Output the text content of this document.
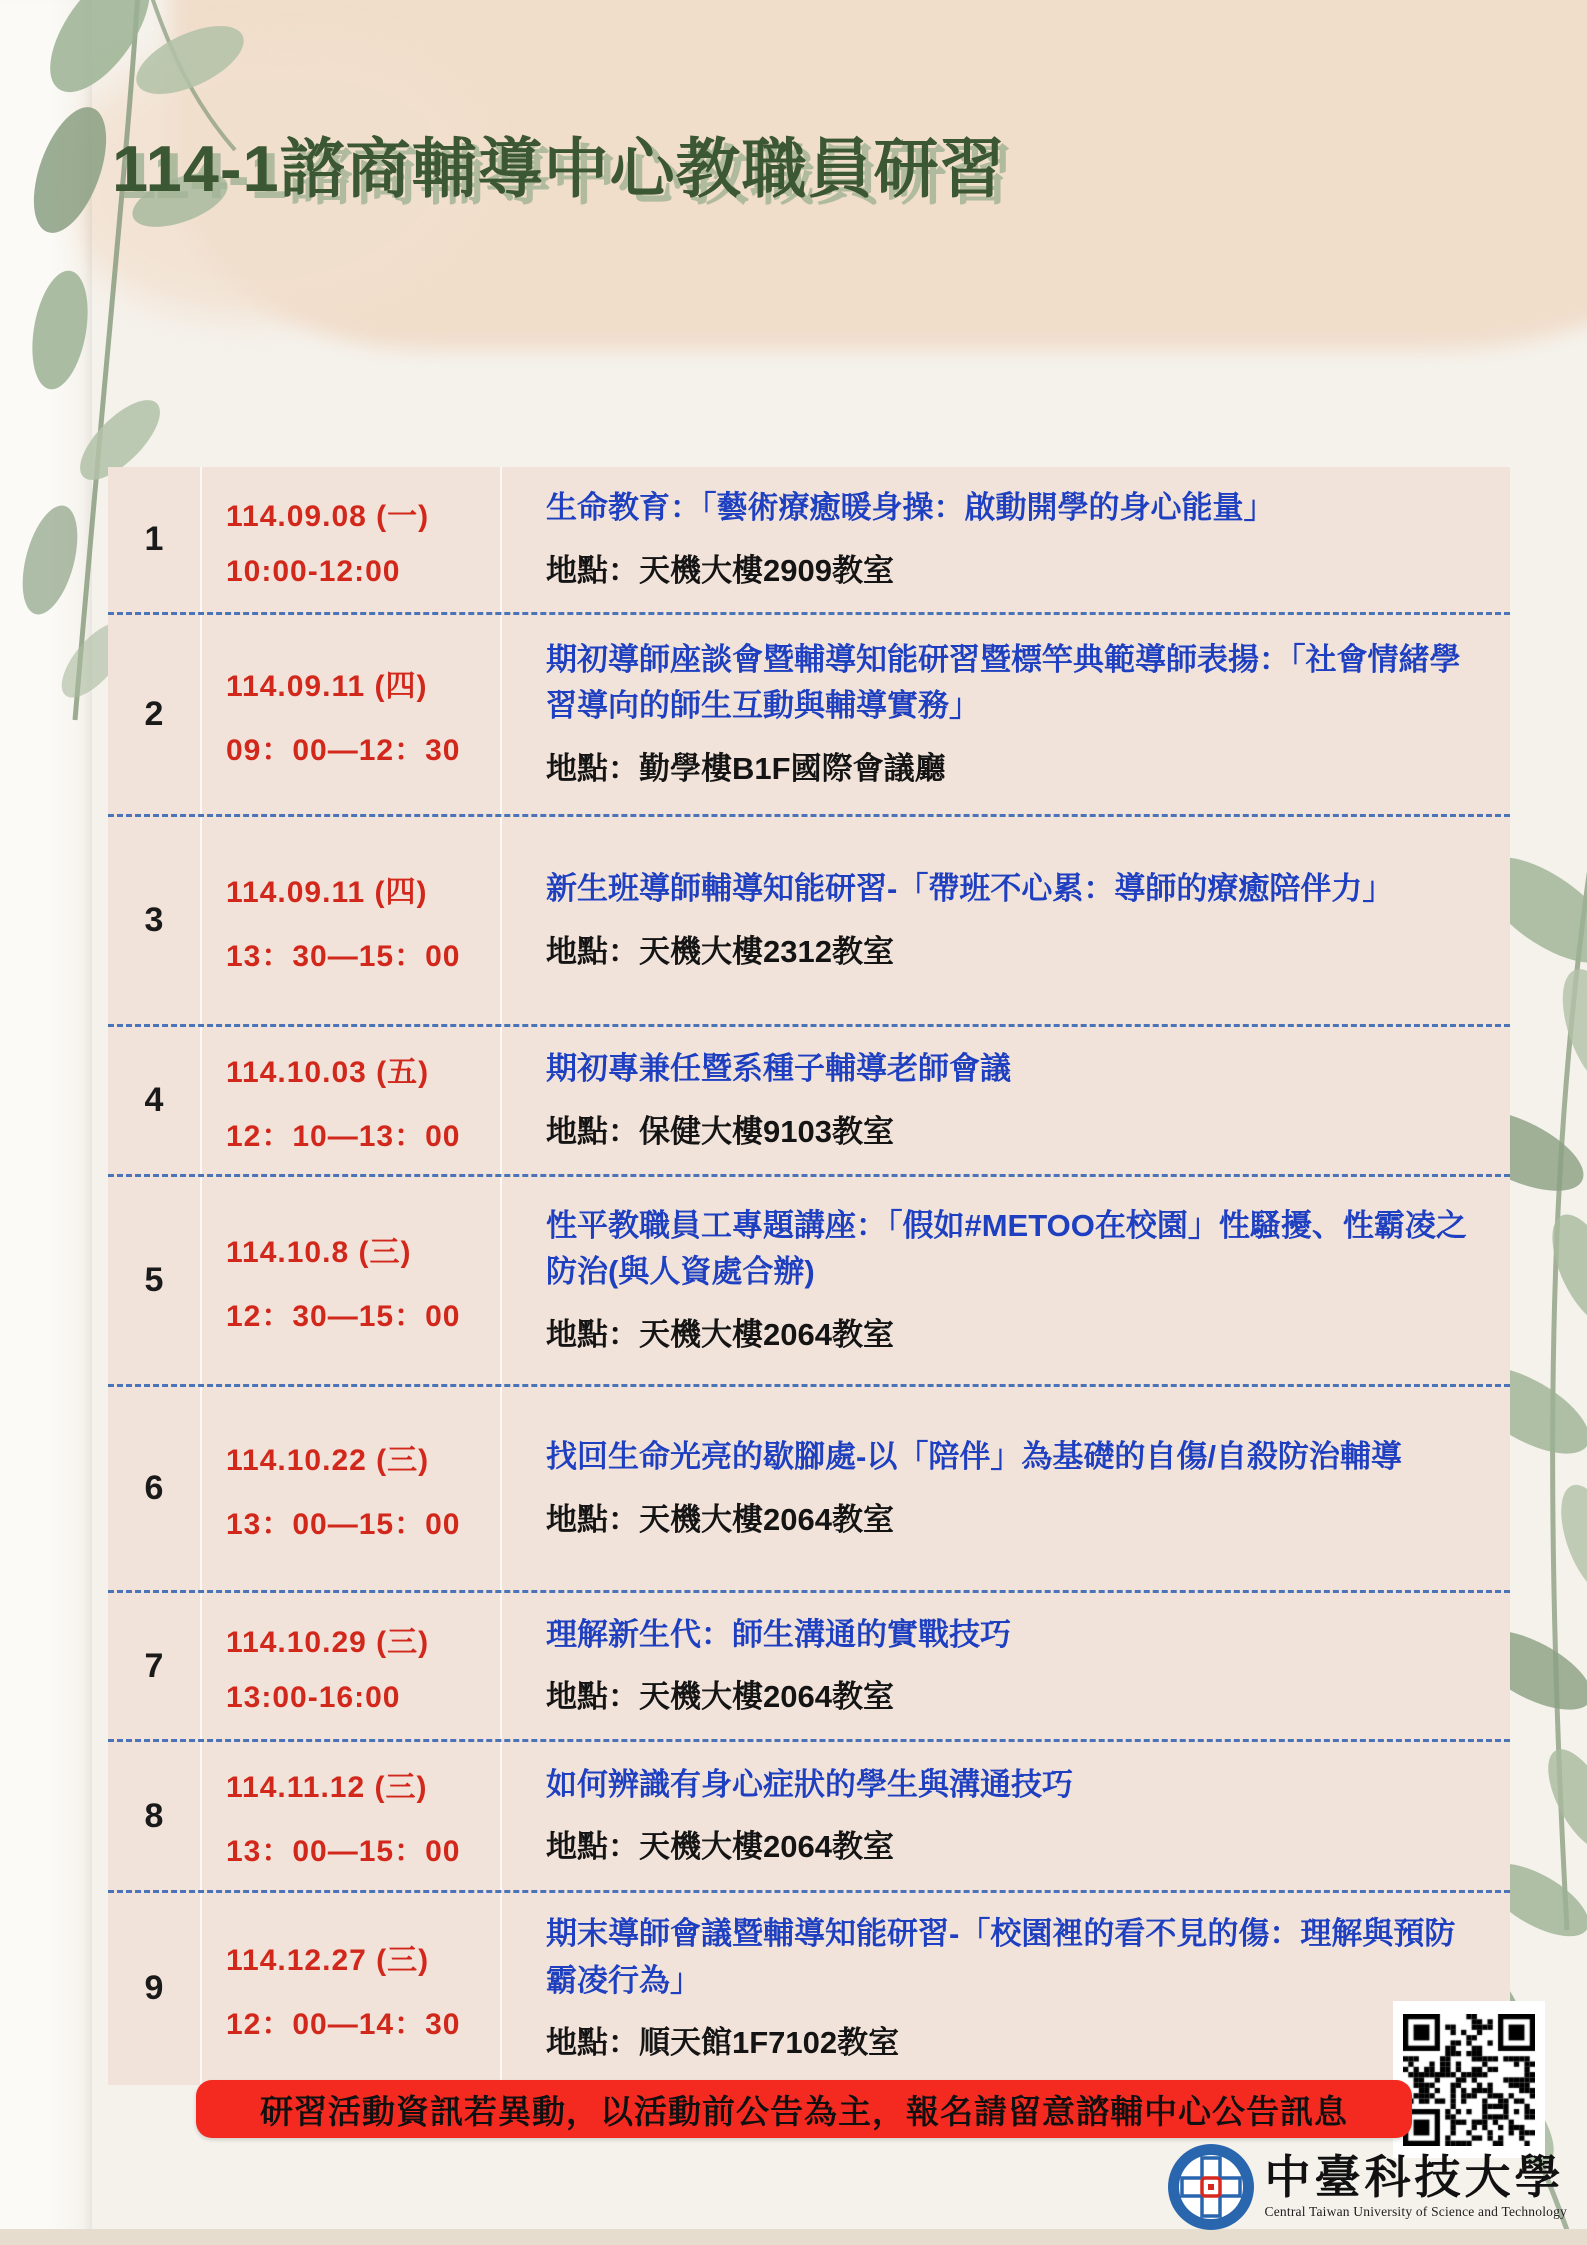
114-1諮商輔導中心教職員研習
1
114.09.08 (一)
10:00-12:00
生命教育：「藝術療癒暖身操：啟動開學的身心能量」
地點：天機大樓2909教室
2
114.09.11 (四)
09：00—12：30
期初導師座談會暨輔導知能研習暨標竿典範導師表揚：「社會情緒學習導向的師生互動與輔導實務」
地點：勤學樓B1F國際會議廳
3
114.09.11 (四)
13：30—15：00
新生班導師輔導知能研習-「帶班不心累：導師的療癒陪伴力」
地點：天機大樓2312教室
4
114.10.03 (五)
12：10—13：00
期初專兼任暨系種子輔導老師會議
地點：保健大樓9103教室
5
114.10.8 (三)
12：30—15：00
性平教職員工專題講座：「假如#METOO在校園」性騷擾、性霸凌之防治(與人資處合辦)
地點：天機大樓2064教室
6
114.10.22 (三)
13：00—15：00
找回生命光亮的歇腳處-以「陪伴」為基礎的自傷/自殺防治輔導
地點：天機大樓2064教室
7
114.10.29 (三)
13:00-16:00
理解新生代：師生溝通的實戰技巧
地點：天機大樓2064教室
8
114.11.12 (三)
13：00—15：00
如何辨識有身心症狀的學生與溝通技巧
地點：天機大樓2064教室
9
114.12.27 (三)
12：00—14：30
期末導師會議暨輔導知能研習-「校園裡的看不見的傷：理解與預防霸凌行為」
地點：順天館1F7102教室
研習活動資訊若異動，以活動前公告為主，報名請留意諮輔中心公告訊息
中臺科技大學
Central Taiwan University of Science and Technology
